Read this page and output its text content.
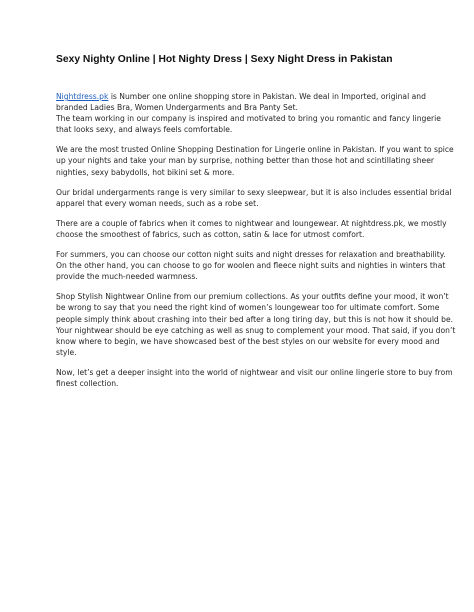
Sexy Nighty Online | Hot Nighty Dress | Sexy Night Dress in Pakistan

Nightdress.pk is Number one online shopping store in Pakistan. We deal in Imported, original and
branded Ladies Bra, Women Undergarments and Bra Panty Set.
The team working in our company is inspired and motivated to bring you romantic and fancy lingerie
that looks sexy, and always feels comfortable.

We are the most trusted Online Shopping Destination for Lingerie online in Pakistan. If you want to spice
up your nights and take your man by surprise, nothing better than those hot and scintillating sheer
nighties, sexy babydolls, hot bikini set & more.

Our bridal undergarments range is very similar to sexy sleepwear, but it is also includes essential bridal
apparel that every woman needs, such as a robe set.

There are a couple of fabrics when it comes to nightwear and loungewear. At nightdress.pk, we mostly
choose the smoothest of fabrics, such as cotton, satin & lace for utmost comfort.

For summers, you can choose our cotton night suits and night dresses for relaxation and breathability.
On the other hand, you can choose to go for woolen and fleece night suits and nighties in winters that
provide the much-needed warmness.

Shop Stylish Nightwear Online from our premium collections. As your outfits define your mood, it won’t
be wrong to say that you need the right kind of women’s loungewear too for ultimate comfort. Some
people simply think about crashing into their bed after a long tiring day, but this is not how it should be.
Your nightwear should be eye catching as well as snug to complement your mood. That said, if you don’t
know where to begin, we have showcased best of the best styles on our website for every mood and
style.

Now, let’s get a deeper insight into the world of nightwear and visit our online lingerie store to buy from
finest collection.
